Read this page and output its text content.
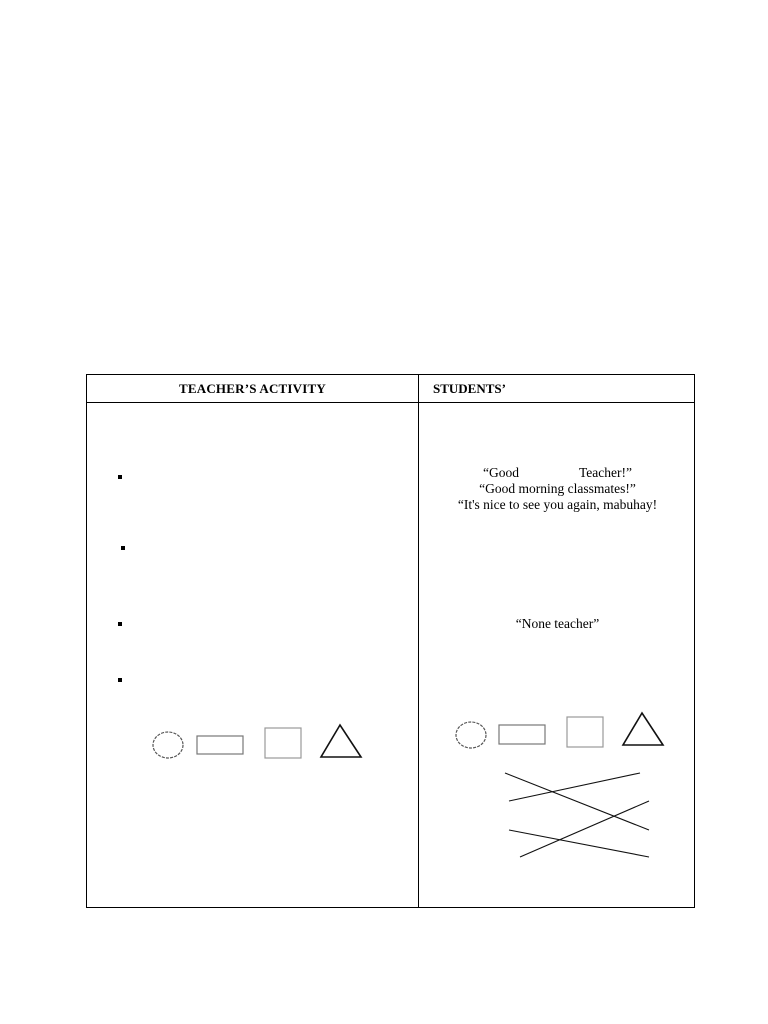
TEACHER’S ACTIVITY	STUDENTS’
“Good	Teacher!”
“Good morning classmates!”
“It's nice to see you again, mabuhay!
“None teacher”
